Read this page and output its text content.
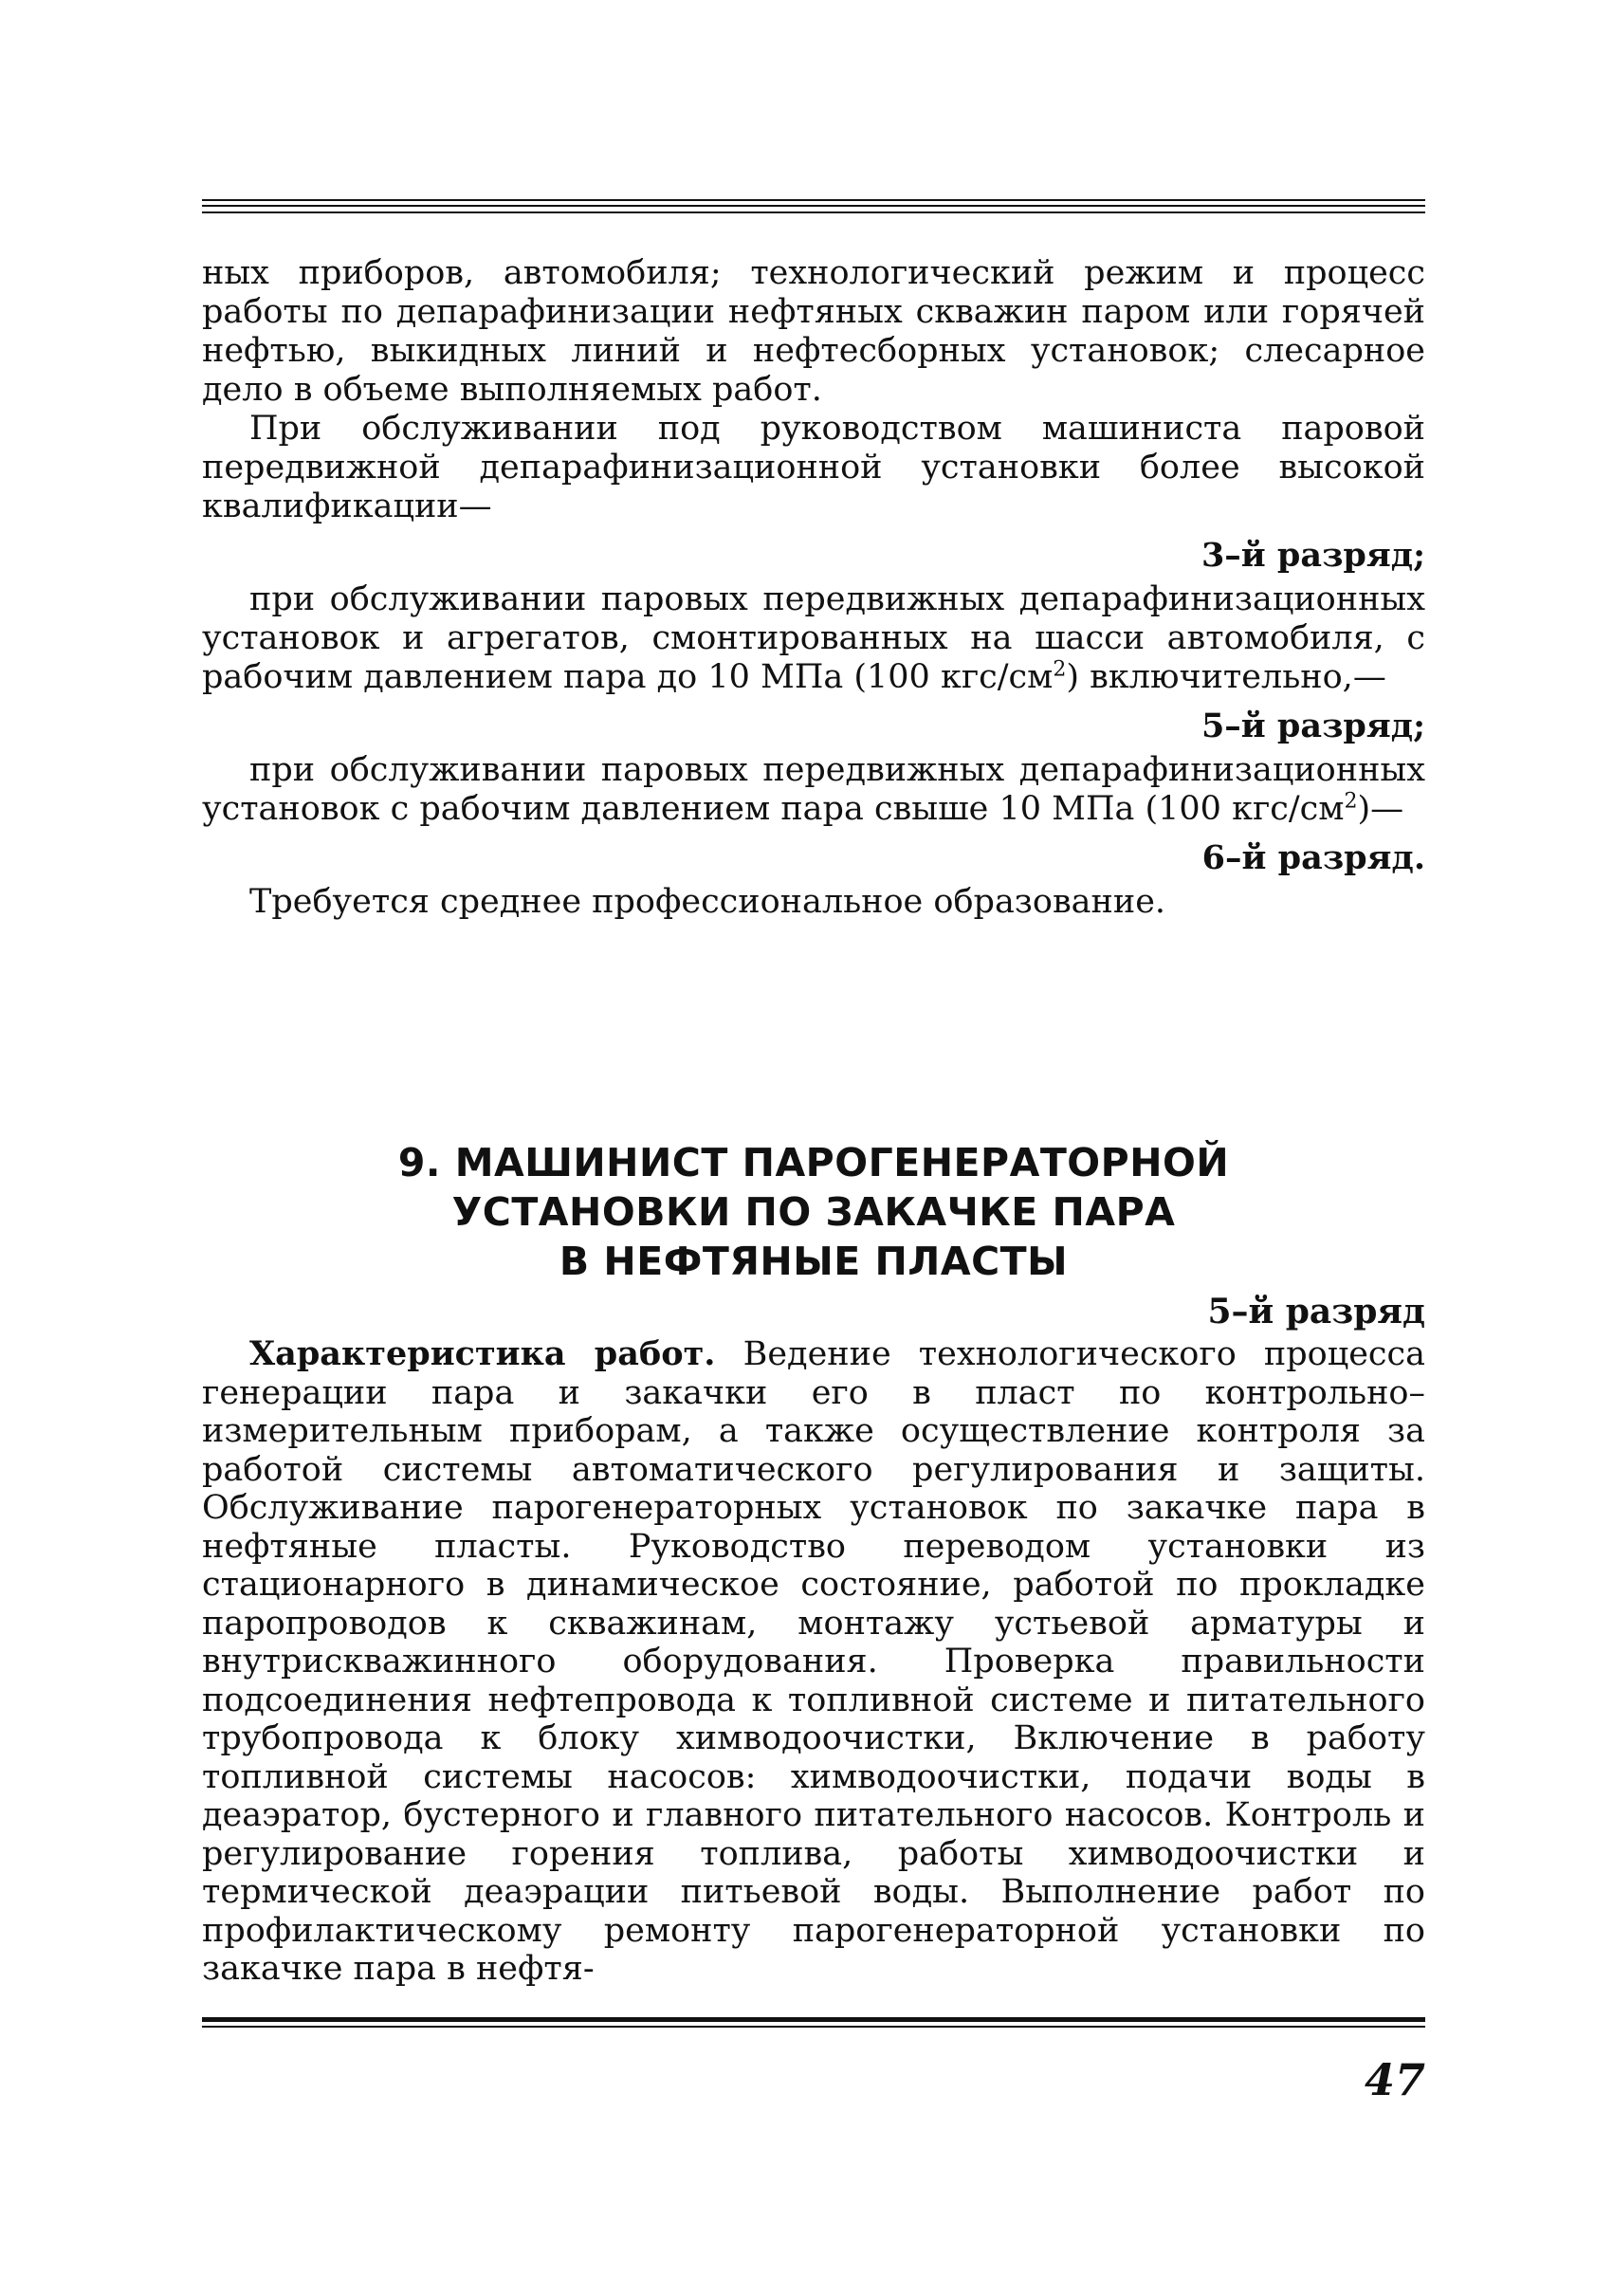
ных приборов, автомобиля; технологический режим и процесс работы по депарафинизации нефтяных скважин паром или горячей нефтью, выкидных линий и нефтесборных установок; слесарное дело в объеме выполняемых работ.

При обслуживании под руководством машиниста паровой передвижной депарафинизационной установки более высокой квалификации—

3–й разряд;

при обслуживании паровых передвижных депарафинизационных установок и агрегатов, смонтированных на шасси автомобиля, с рабочим давлением пара до 10 МПа (100 кгс/$см^2$) включительно,—

5–й разряд;

при обслуживании паровых передвижных депарафинизационных установок с рабочим давлением пара свыше 10 МПа (100 кгс/$см^2)—$

6–й разряд.

Требуется среднее профессиональное образование.

9. МАШИНИСТ ПАРОГЕНЕРАТОРНОЙ
УСТАНОВКИ ПО ЗАКАЧКЕ ПАРА
В НЕФТЯНЫЕ ПЛАСТЫ
5–й разряд

Характеристика работ. Ведение технологического процесса генерации пара и закачки его в пласт по контрольно–измерительным приборам, а также осуществление контроля за работой системы автоматического регулирования и защиты. Обслуживание парогенераторных установок по закачке пара в нефтяные пласты. Руководство переводом установки из стационарного в динамическое состояние, работой по прокладке паропроводов к скважинам, монтажу устьевой арматуры и внутрискважинного оборудования. Проверка правильности подсоединения нефтепровода к топливной системе и питательного трубопровода к блоку химводоочистки, Включение в работу топливной системы насосов: химводоочистки, подачи воды в деаэратор, бустерного и главного питательного насосов. Контроль и регулирование горения топлива, работы химводоочистки и термической деаэрации питьевой воды. Выполнение работ по профилактическому ремонту парогенераторной установки по закачке пара в нефтя-

47
